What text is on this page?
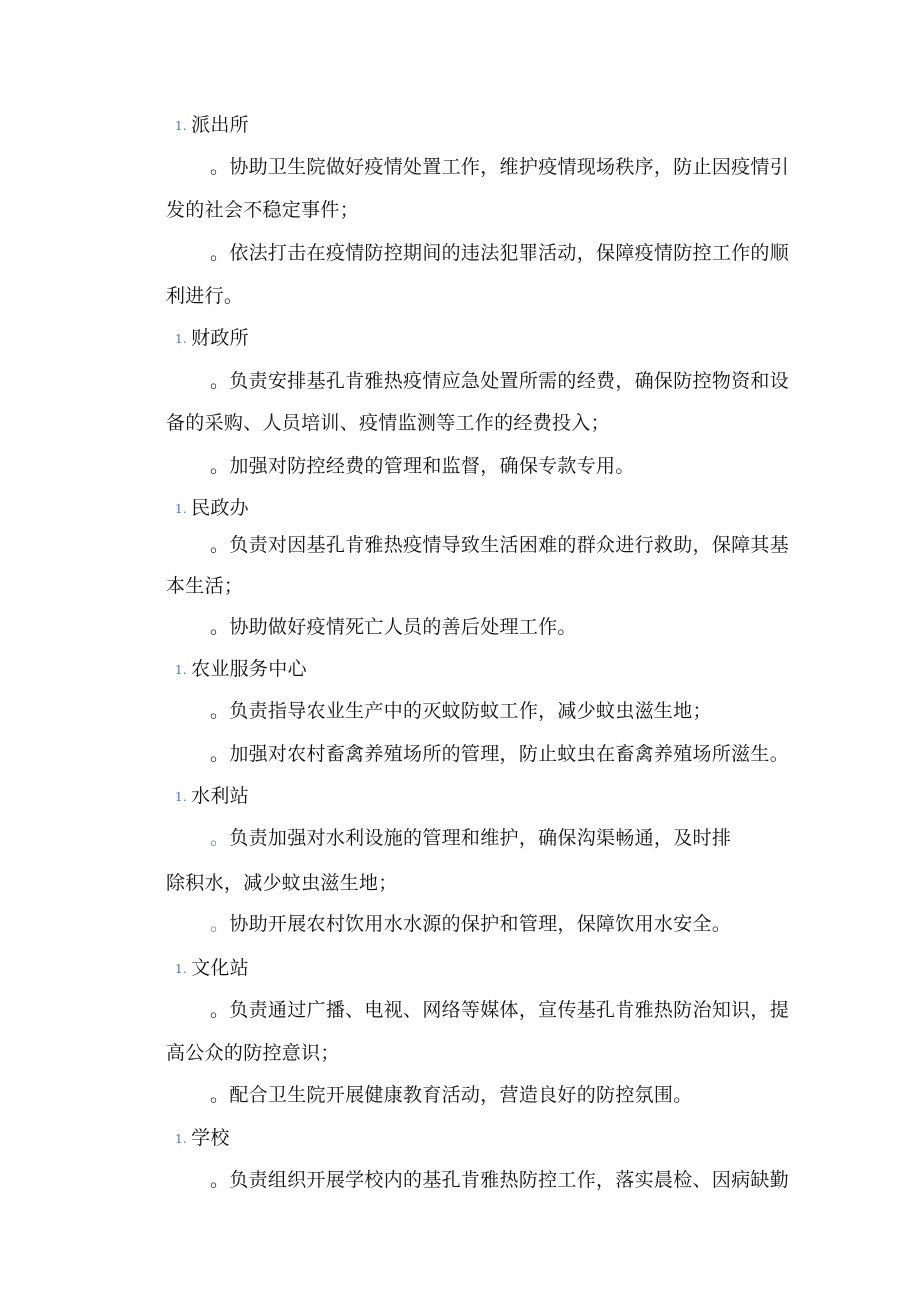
1. 派出所
。协助卫生院做好疫情处置工作，维护疫情现场秩序，防止因疫情引
发的社会不稳定事件；
。依法打击在疫情防控期间的违法犯罪活动，保障疫情防控工作的顺
利进行。
1. 财政所
。负责安排基孔肯雅热疫情应急处置所需的经费，确保防控物资和设
备的采购、人员培训、疫情监测等工作的经费投入；
。加强对防控经费的管理和监督，确保专款专用。
1. 民政办
。负责对因基孔肯雅热疫情导致生活困难的群众进行救助，保障其基
本生活；
。协助做好疫情死亡人员的善后处理工作。
1. 农业服务中心
。负责指导农业生产中的灭蚊防蚊工作，减少蚊虫滋生地；
。加强对农村畜禽养殖场所的管理，防止蚊虫在畜禽养殖场所滋生。
1. 水利站
。负责加强对水利设施的管理和维护，确保沟渠畅通，及时排
除积水，减少蚊虫滋生地；
。协助开展农村饮用水水源的保护和管理，保障饮用水安全。
1. 文化站
。负责通过广播、电视、网络等媒体，宣传基孔肯雅热防治知识，提
高公众的防控意识；
。配合卫生院开展健康教育活动，营造良好的防控氛围。
1. 学校
。负责组织开展学校内的基孔肯雅热防控工作，落实晨检、因病缺勤
